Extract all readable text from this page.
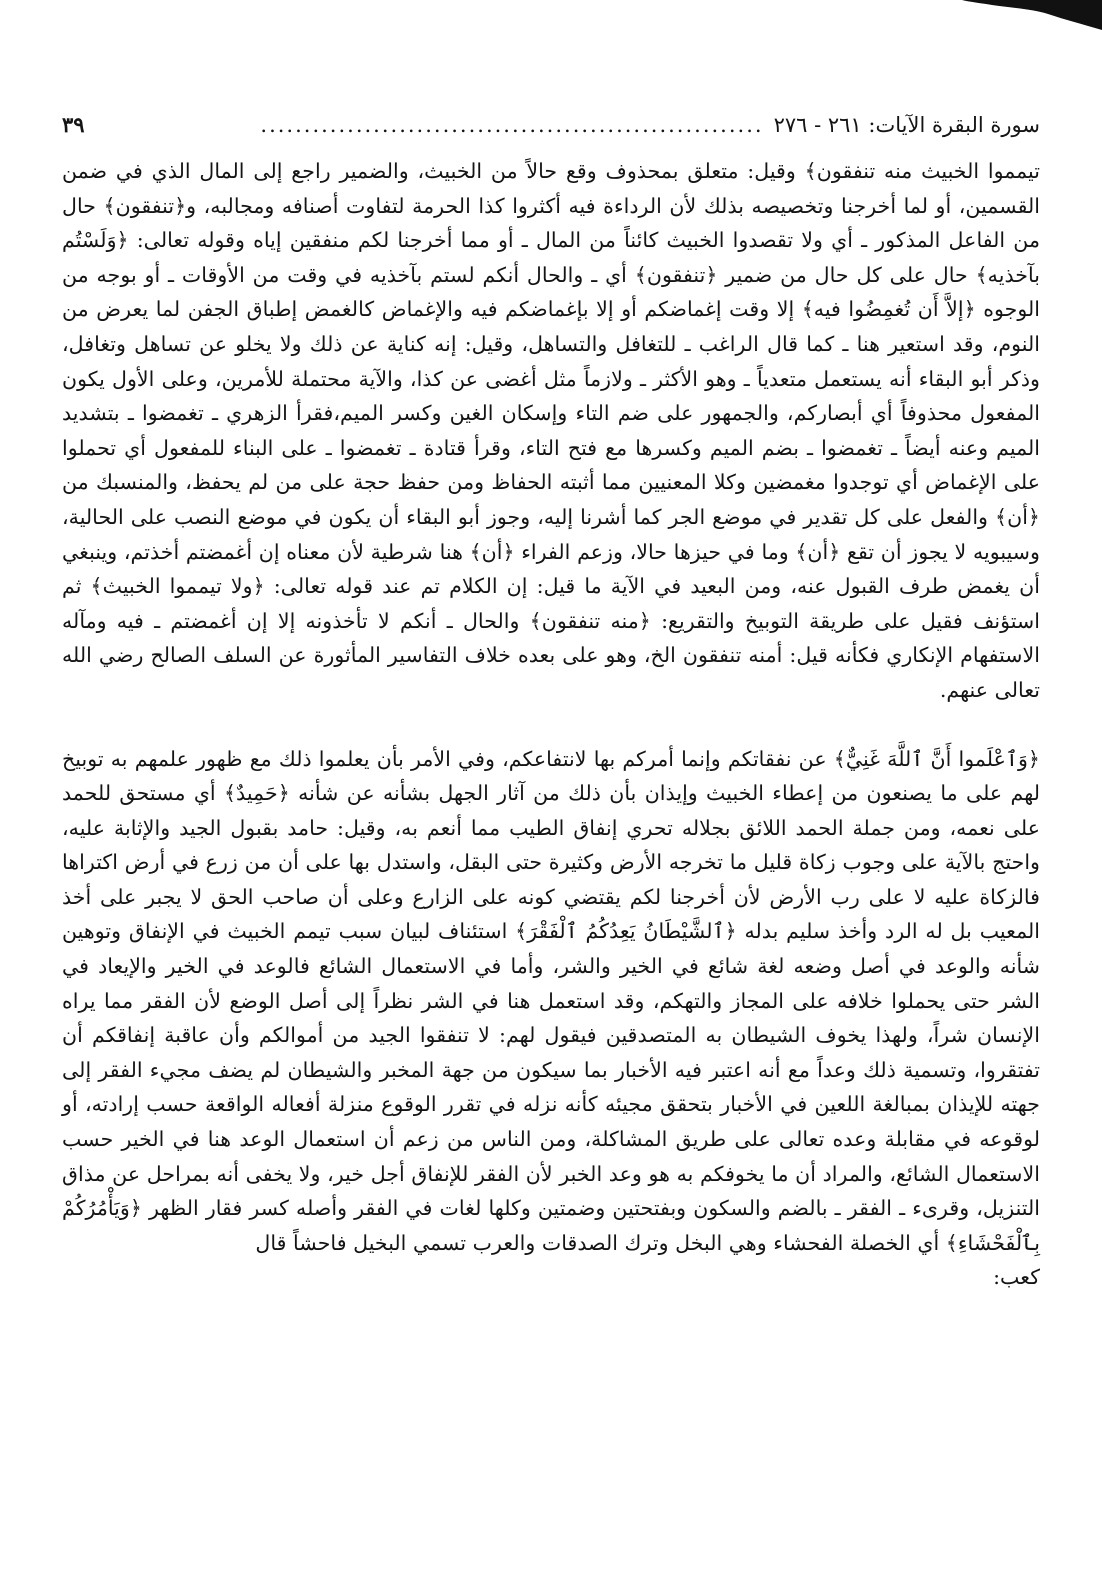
سورة البقرة الآيات: ٢٦١ - ٢٧٦
..........................................................
٣٩

تيمموا الخبيث منه تنفقون﴾ وقيل: متعلق بمحذوف وقع حالاً من الخبيث، والضمير راجع إلى المال الذي في ضمن القسمين، أو لما أخرجنا وتخصيصه بذلك لأن الرداءة فيه أكثروا كذا الحرمة لتفاوت أصنافه ومجالبه، و﴿تنفقون﴾ حال من الفاعل المذكور ـ أي ولا تقصدوا الخبيث كائناً من المال ـ أو مما أخرجنا لكم منفقين إياه وقوله تعالى: ﴿وَلَسْتُم بآخذيه﴾ حال على كل حال من ضمير ﴿تنفقون﴾ أي ـ والحال أنكم لستم بآخذيه في وقت من الأوقات ـ أو بوجه من الوجوه ﴿إلاَّ أَن تُغمِضُوا فيه﴾ إلا وقت إغماضكم أو إلا بإغماضكم فيه والإغماض كالغمض إطباق الجفن لما يعرض من النوم، وقد استعير هنا ـ كما قال الراغب ـ للتغافل والتساهل، وقيل: إنه كناية عن ذلك ولا يخلو عن تساهل وتغافل، وذكر أبو البقاء أنه يستعمل متعدياً ـ وهو الأكثر ـ ولازماً مثل أغضى عن كذا، والآية محتملة للأمرين، وعلى الأول يكون المفعول محذوفاً أي أبصاركم، والجمهور على ضم التاء وإسكان الغين وكسر الميم،فقرأ الزهري ـ تغمضوا ـ بتشديد الميم وعنه أيضاً ـ تغمضوا ـ بضم الميم وكسرها مع فتح التاء، وقرأ قتادة ـ تغمضوا ـ على البناء للمفعول أي تحملوا على الإغماض أي توجدوا مغمضين وكلا المعنيين مما أثبته الحفاظ ومن حفظ حجة على من لم يحفظ، والمنسبك من ﴿أن﴾ والفعل على كل تقدير في موضع الجر كما أشرنا إليه، وجوز أبو البقاء أن يكون في موضع النصب على الحالية، وسيبويه لا يجوز أن تقع ﴿أن﴾ وما في حيزها حالا، وزعم الفراء ﴿أن﴾ هنا شرطية لأن معناه إن أغمضتم أخذتم، وينبغي أن يغمض طرف القبول عنه، ومن البعيد في الآية ما قيل: إن الكلام تم عند قوله تعالى: ﴿ولا تيمموا الخبيث﴾ ثم استؤنف فقيل على طريقة التوبيخ والتقريع: ﴿منه تنفقون﴾ والحال ـ أنكم لا تأخذونه إلا إن أغمضتم ـ فيه ومآله الاستفهام الإنكاري فكأنه قيل: أمنه تنفقون الخ، وهو على بعده خلاف التفاسير المأثورة عن السلف الصالح رضي الله تعالى عنهم.

﴿وَٱعْلَموا أَنَّ ٱللَّهَ غَنِيٌّ﴾ عن نفقاتكم وإنما أمركم بها لانتفاعكم، وفي الأمر بأن يعلموا ذلك مع ظهور علمهم به توبيخ لهم على ما يصنعون من إعطاء الخبيث وإيذان بأن ذلك من آثار الجهل بشأنه عن شأنه ﴿حَمِيدٌ﴾ أي مستحق للحمد على نعمه، ومن جملة الحمد اللائق بجلاله تحري إنفاق الطيب مما أنعم به، وقيل: حامد بقبول الجيد والإثابة عليه، واحتج بالآية على وجوب زكاة قليل ما تخرجه الأرض وكثيرة حتى البقل، واستدل بها على أن من زرع في أرض اكتراها فالزكاة عليه لا على رب الأرض لأن أخرجنا لكم يقتضي كونه على الزارع وعلى أن صاحب الحق لا يجبر على أخذ المعيب بل له الرد وأخذ سليم بدله ﴿ٱلشَّيْطَانُ يَعِدُكُمُ ٱلْفَقْرَ﴾ استئناف لبيان سبب تيمم الخبيث في الإنفاق وتوهين شأنه والوعد في أصل وضعه لغة شائع في الخير والشر، وأما في الاستعمال الشائع فالوعد في الخير والإيعاد في الشر حتى يحملوا خلافه على المجاز والتهكم، وقد استعمل هنا في الشر نظراً إلى أصل الوضع لأن الفقر مما يراه الإنسان شراً، ولهذا يخوف الشيطان به المتصدقين فيقول لهم: لا تنفقوا الجيد من أموالكم وأن عاقبة إنفاقكم أن تفتقروا، وتسمية ذلك وعداً مع أنه اعتبر فيه الأخبار بما سيكون من جهة المخبر والشيطان لم يضف مجيء الفقر إلى جهته للإيذان بمبالغة اللعين في الأخبار بتحقق مجيئه كأنه نزله في تقرر الوقوع منزلة أفعاله الواقعة حسب إرادته، أو لوقوعه في مقابلة وعده تعالى على طريق المشاكلة، ومن الناس من زعم أن استعمال الوعد هنا في الخير حسب الاستعمال الشائع، والمراد أن ما يخوفكم به هو وعد الخبر لأن الفقر للإنفاق أجل خير، ولا يخفى أنه بمراحل عن مذاق التنزيل، وقرىء ـ الفقر ـ بالضم والسكون وبفتحتين وضمتين وكلها لغات في الفقر وأصله كسر فقار الظهر ﴿وَيَأْمُرُكُمْ بِٱلْفَحْشَاءِ﴾ أي الخصلة الفحشاء وهي البخل وترك الصدقات والعرب تسمي البخيل فاحشاً قال

كعب:
